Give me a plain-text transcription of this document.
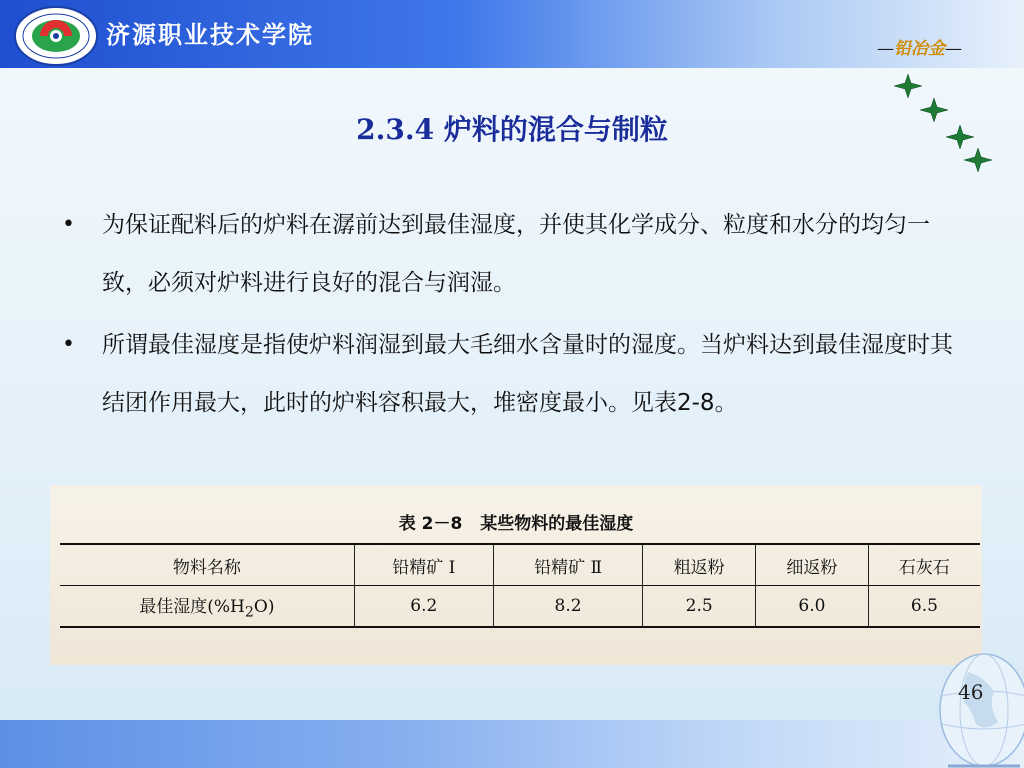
济源职业技术学院	—铅冶金—
2.3.4 炉料的混合与制粒
• 为保证配料后的炉料在潺前达到最佳湿度，并使其化学成分、粒度和水分的均匀一致，必须对炉料进行良好的混合与润湿。
• 所谓最佳湿度是指使炉料润湿到最大毛细水含量时的湿度。当炉料达到最佳湿度时其结团作用最大，此时的炉料容积最大，堆密度最小。见表2-8。
表 2－8 某些物料的最佳湿度
物料名称	铅精矿 Ⅰ	铅精矿 Ⅱ	粗返粉	细返粉	石灰石
最佳湿度$(\%H_2O)$	6.2	8.2	2.5	6.0	6.5
46
